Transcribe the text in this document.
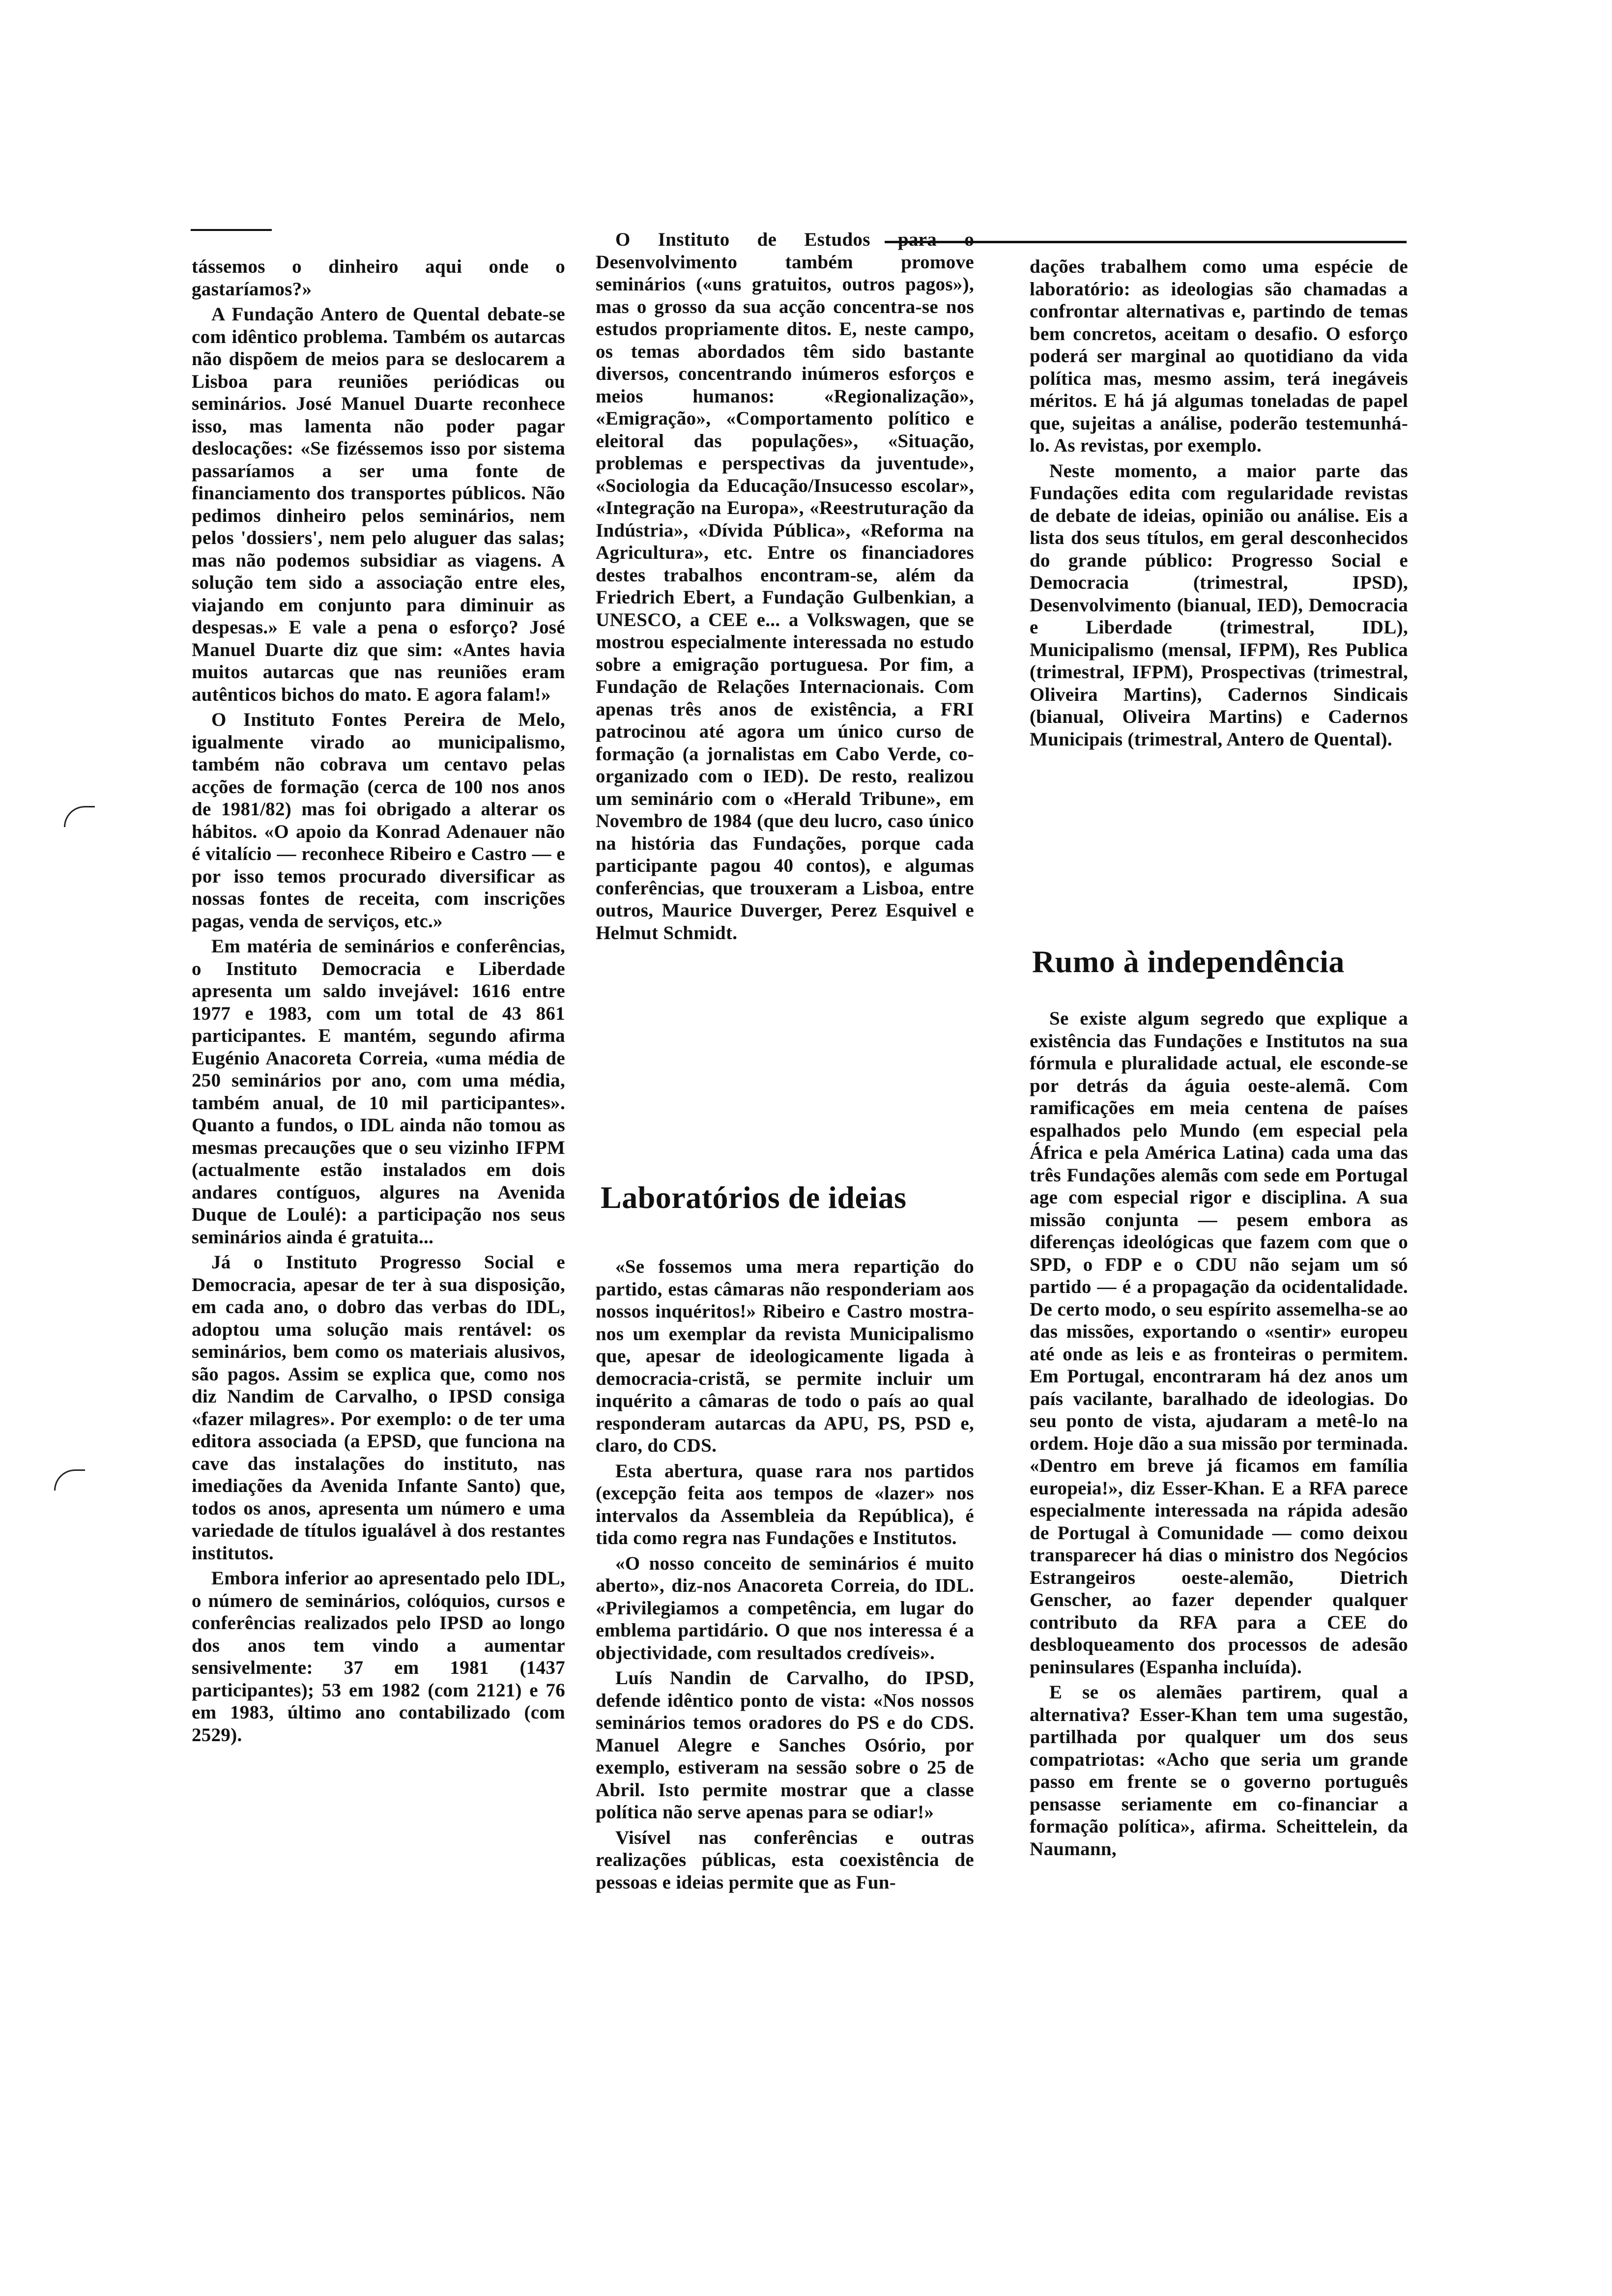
tássemos o dinheiro aqui onde o gastaríamos?»

A Fundação Antero de Quental debate-se com idêntico problema. Também os autarcas não dispõem de meios para se deslocarem a Lisboa para reuniões periódicas ou seminários. José Manuel Duarte reconhece isso, mas lamenta não poder pagar deslocações: «Se fizéssemos isso por sistema passaríamos a ser uma fonte de financiamento dos transportes públicos. Não pedimos dinheiro pelos seminários, nem pelos 'dossiers', nem pelo aluguer das salas; mas não podemos subsidiar as viagens. A solução tem sido a associação entre eles, viajando em conjunto para diminuir as despesas.» E vale a pena o esforço? José Manuel Duarte diz que sim: «Antes havia muitos autarcas que nas reuniões eram autênticos bichos do mato. E agora falam!»

O Instituto Fontes Pereira de Melo, igualmente virado ao municipalismo, também não cobrava um centavo pelas acções de formação (cerca de 100 nos anos de 1981/82) mas foi obrigado a alterar os hábitos. «O apoio da Konrad Adenauer não é vitalício — reconhece Ribeiro e Castro — e por isso temos procurado diversificar as nossas fontes de receita, com inscrições pagas, venda de serviços, etc.»

Em matéria de seminários e conferências, o Instituto Democracia e Liberdade apresenta um saldo invejável: 1616 entre 1977 e 1983, com um total de 43 861 participantes. E mantém, segundo afirma Eugénio Anacoreta Correia, «uma média de 250 seminários por ano, com uma média, também anual, de 10 mil participantes». Quanto a fundos, o IDL ainda não tomou as mesmas precauções que o seu vizinho IFPM (actualmente estão instalados em dois andares contíguos, algures na Avenida Duque de Loulé): a participação nos seus seminários ainda é gratuita...

Já o Instituto Progresso Social e Democracia, apesar de ter à sua disposição, em cada ano, o dobro das verbas do IDL, adoptou uma solução mais rentável: os seminários, bem como os materiais alusivos, são pagos. Assim se explica que, como nos diz Nandim de Carvalho, o IPSD consiga «fazer milagres». Por exemplo: o de ter uma editora associada (a EPSD, que funciona na cave das instalações do instituto, nas imediações da Avenida Infante Santo) que, todos os anos, apresenta um número e uma variedade de títulos igualável à dos restantes institutos.

Embora inferior ao apresentado pelo IDL, o número de seminários, colóquios, cursos e conferências realizados pelo IPSD ao longo dos anos tem vindo a aumentar sensivelmente: 37 em 1981 (1437 participantes); 53 em 1982 (com 2121) e 76 em 1983, último ano contabilizado (com 2529).

O Instituto de Estudos para o Desenvolvimento também promove seminários («uns gratuitos, outros pagos»), mas o grosso da sua acção concentra-se nos estudos propriamente ditos. E, neste campo, os temas abordados têm sido bastante diversos, concentrando inúmeros esforços e meios humanos: «Regionalização», «Emigração», «Comportamento político e eleitoral das populações», «Situação, problemas e perspectivas da juventude», «Sociologia da Educação/Insucesso escolar», «Integração na Europa», «Reestruturação da Indústria», «Dívida Pública», «Reforma na Agricultura», etc. Entre os financiadores destes trabalhos encontram-se, além da Friedrich Ebert, a Fundação Gulbenkian, a UNESCO, a CEE e... a Volkswagen, que se mostrou especialmente interessada no estudo sobre a emigração portuguesa. Por fim, a Fundação de Relações Internacionais. Com apenas três anos de existência, a FRI patrocinou até agora um único curso de formação (a jornalistas em Cabo Verde, co-organizado com o IED). De resto, realizou um seminário com o «Herald Tribune», em Novembro de 1984 (que deu lucro, caso único na história das Fundações, porque cada participante pagou 40 contos), e algumas conferências, que trouxeram a Lisboa, entre outros, Maurice Duverger, Perez Esquivel e Helmut Schmidt.

Laboratórios de ideias

«Se fossemos uma mera repartição do partido, estas câmaras não responderiam aos nossos inquéritos!» Ribeiro e Castro mostra-nos um exemplar da revista Municipalismo que, apesar de ideologicamente ligada à democracia-cristã, se permite incluir um inquérito a câmaras de todo o país ao qual responderam autarcas da APU, PS, PSD e, claro, do CDS.

Esta abertura, quase rara nos partidos (excepção feita aos tempos de «lazer» nos intervalos da Assembleia da República), é tida como regra nas Fundações e Institutos.

«O nosso conceito de seminários é muito aberto», diz-nos Anacoreta Correia, do IDL. «Privilegiamos a competência, em lugar do emblema partidário. O que nos interessa é a objectividade, com resultados credíveis».

Luís Nandin de Carvalho, do IPSD, defende idêntico ponto de vista: «Nos nossos seminários temos oradores do PS e do CDS. Manuel Alegre e Sanches Osório, por exemplo, estiveram na sessão sobre o 25 de Abril. Isto permite mostrar que a classe política não serve apenas para se odiar!»

Visível nas conferências e outras realizações públicas, esta coexistência de pessoas e ideias permite que as Fun-

dações trabalhem como uma espécie de laboratório: as ideologias são chamadas a confrontar alternativas e, partindo de temas bem concretos, aceitam o desafio. O esforço poderá ser marginal ao quotidiano da vida política mas, mesmo assim, terá inegáveis méritos. E há já algumas toneladas de papel que, sujeitas a análise, poderão testemunhá-lo. As revistas, por exemplo.

Neste momento, a maior parte das Fundações edita com regularidade revistas de debate de ideias, opinião ou análise. Eis a lista dos seus títulos, em geral desconhecidos do grande público: Progresso Social e Democracia (trimestral, IPSD), Desenvolvimento (bianual, IED), Democracia e Liberdade (trimestral, IDL), Municipalismo (mensal, IFPM), Res Publica (trimestral, IFPM), Prospectivas (trimestral, Oliveira Martins), Cadernos Sindicais (bianual, Oliveira Martins) e Cadernos Municipais (trimestral, Antero de Quental).

Rumo à independência

Se existe algum segredo que explique a existência das Fundações e Institutos na sua fórmula e pluralidade actual, ele esconde-se por detrás da águia oeste-alemã. Com ramificações em meia centena de países espalhados pelo Mundo (em especial pela África e pela América Latina) cada uma das três Fundações alemãs com sede em Portugal age com especial rigor e disciplina. A sua missão conjunta — pesem embora as diferenças ideológicas que fazem com que o SPD, o FDP e o CDU não sejam um só partido — é a propagação da ocidentalidade. De certo modo, o seu espírito assemelha-se ao das missões, exportando o «sentir» europeu até onde as leis e as fronteiras o permitem. Em Portugal, encontraram há dez anos um país vacilante, baralhado de ideologias. Do seu ponto de vista, ajudaram a metê-lo na ordem. Hoje dão a sua missão por terminada. «Dentro em breve já ficamos em família europeia!», diz Esser-Khan. E a RFA parece especialmente interessada na rápida adesão de Portugal à Comunidade — como deixou transparecer há dias o ministro dos Negócios Estrangeiros oeste-alemão, Dietrich Genscher, ao fazer depender qualquer contributo da RFA para a CEE do desbloqueamento dos processos de adesão peninsulares (Espanha incluída).

E se os alemães partirem, qual a alternativa? Esser-Khan tem uma sugestão, partilhada por qualquer um dos seus compatriotas: «Acho que seria um grande passo em frente se o governo português pensasse seriamente em co-financiar a formação política», afirma. Scheittelein, da Naumann,
